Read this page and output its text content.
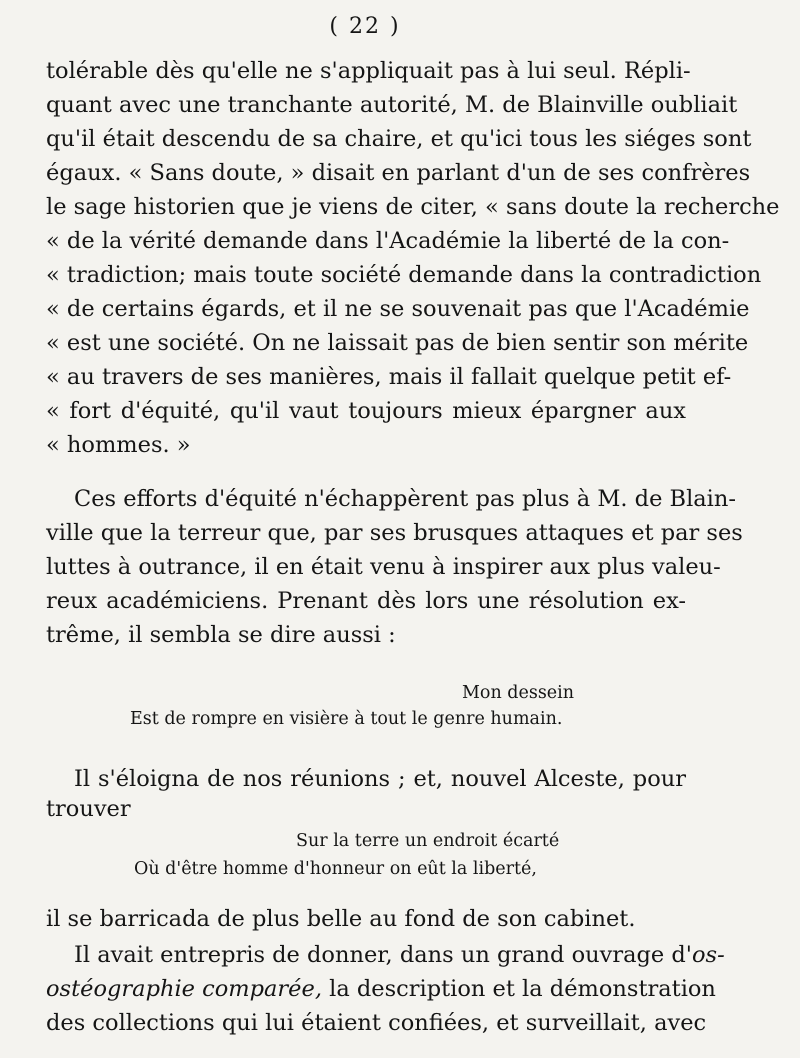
( 22 )
tolérable dès qu'elle ne s'appliquait pas à lui seul. Répli-
quant avec une tranchante autorité, M. de Blainville oubliait
qu'il était descendu de sa chaire, et qu'ici tous les siéges sont
égaux. « Sans doute, » disait en parlant d'un de ses confrères
le sage historien que je viens de citer, « sans doute la recherche
« de la vérité demande dans l'Académie la liberté de la con-
« tradiction; mais toute société demande dans la contradiction
« de certains égards, et il ne se souvenait pas que l'Académie
« est une société. On ne laissait pas de bien sentir son mérite
« au travers de ses manières, mais il fallait quelque petit ef-
« fort d'équité, qu'il vaut toujours mieux épargner aux
« hommes. »
Ces efforts d'équité n'échappèrent pas plus à M. de Blain-
ville que la terreur que, par ses brusques attaques et par ses
luttes à outrance, il en était venu à inspirer aux plus valeu-
reux académiciens. Prenant dès lors une résolution ex-
trême, il sembla se dire aussi :
Mon dessein
Est de rompre en visière à tout le genre humain.
Il s'éloigna de nos réunions ; et, nouvel Alceste, pour
trouver
Sur la terre un endroit écarté
Où d'être homme d'honneur on eût la liberté,
il se barricada de plus belle au fond de son cabinet.
Il avait entrepris de donner, dans un grand ouvrage d'os-
ostéographie comparée, la description et la démonstration
des collections qui lui étaient confiées, et surveillait, avec
